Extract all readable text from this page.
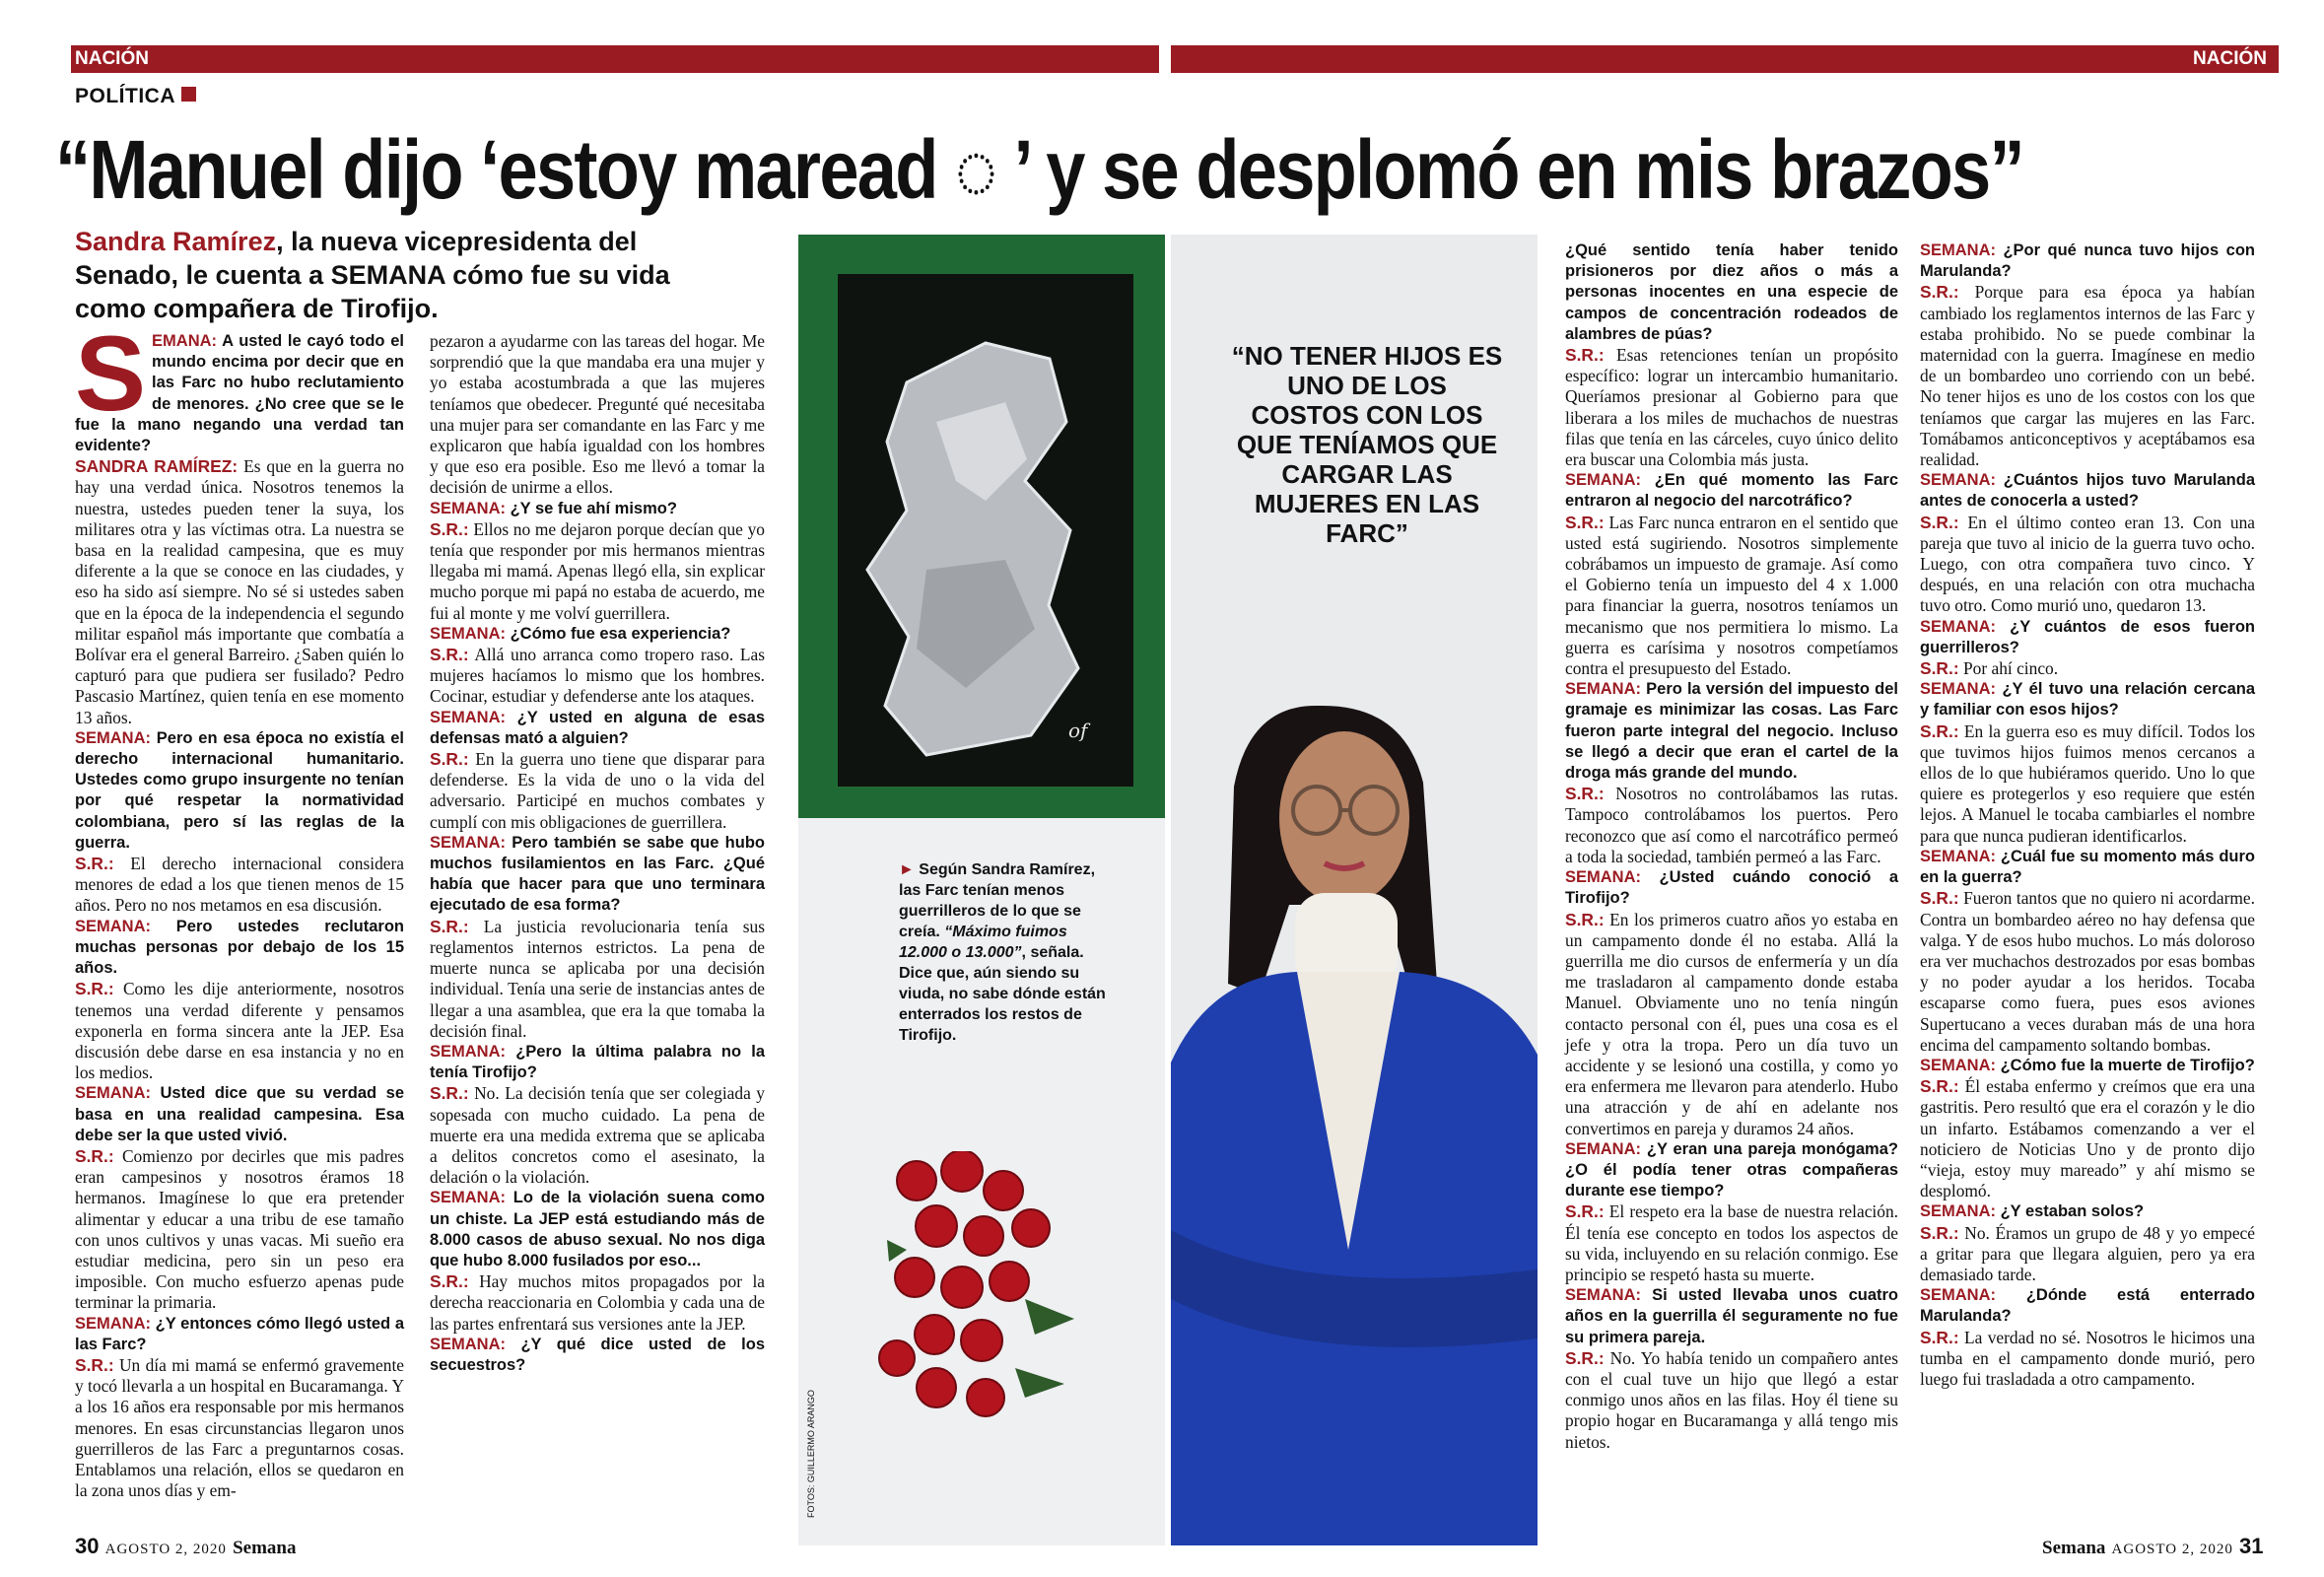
NACIÓN	NACIÓN
POLÍTICA
“Manuel dijo ‘estoy maread ◌ ’ y se desplomó en mis brazos”
Sandra Ramírez, la nueva vicepresidenta del Senado, le cuenta a SEMANA cómo fue su vida como compañera de Tirofijo.

SEMANA: A usted le cayó todo el mundo encima por decir que en las Farc no hubo reclutamiento de menores. ¿No cree que se le fue la mano negando una verdad tan evidente?

SANDRA RAMÍREZ: Es que en la guerra no hay una verdad única. Nosotros tenemos la nuestra, ustedes pueden tener la suya, los militares otra y las víctimas otra. La nuestra se basa en la realidad campesina, que es muy diferente a la que se conoce en las ciudades, y eso ha sido así siempre. No sé si ustedes saben que en la época de la independencia el segundo militar español más importante que combatía a Bolívar era el general Barreiro. ¿Saben quién lo capturó para que pudiera ser fusilado? Pedro Pascasio Martínez, quien tenía en ese momento 13 años.

SEMANA: Pero en esa época no existía el derecho internacional humanitario. Ustedes como grupo insurgente no tenían por qué respetar la normatividad colombiana, pero sí las reglas de la guerra.

S.R.: El derecho internacional considera menores de edad a los que tienen menos de 15 años. Pero no nos metamos en esa discusión.

SEMANA: Pero ustedes reclutaron muchas personas por debajo de los 15 años.

S.R.: Como les dije anteriormente, nosotros tenemos una verdad diferente y pensamos exponerla en forma sincera ante la JEP. Esa discusión debe darse en esa instancia y no en los medios.

SEMANA: Usted dice que su verdad se basa en una realidad campesina. Esa debe ser la que usted vivió.

S.R.: Comienzo por decirles que mis padres eran campesinos y nosotros éramos 18 hermanos. Imagínese lo que era pretender alimentar y educar a una tribu de ese tamaño con unos cultivos y unas vacas. Mi sueño era estudiar medicina, pero sin un peso era imposible. Con mucho esfuerzo apenas pude terminar la primaria.

SEMANA: ¿Y entonces cómo llegó usted a las Farc?

S.R.: Un día mi mamá se enfermó gravemente y tocó llevarla a un hospital en Bucaramanga. Y a los 16 años era responsable por mis hermanos menores. En esas circunstancias llegaron unos guerrilleros de las Farc a preguntarnos cosas. Entablamos una relación, ellos se quedaron en la zona unos días y em-

pezaron a ayudarme con las tareas del hogar. Me sorprendió que la que mandaba era una mujer y yo estaba acostumbrada a que las mujeres teníamos que obedecer. Pregunté qué necesitaba una mujer para ser comandante en las Farc y me explicaron que había igualdad con los hombres y que eso era posible. Eso me llevó a tomar la decisión de unirme a ellos.

SEMANA: ¿Y se fue ahí mismo?

S.R.: Ellos no me dejaron porque decían que yo tenía que responder por mis hermanos mientras llegaba mi mamá. Apenas llegó ella, sin explicar mucho porque mi papá no estaba de acuerdo, me fui al monte y me volví guerrillera.

SEMANA: ¿Cómo fue esa experiencia?

S.R.: Allá uno arranca como tropero raso. Las mujeres hacíamos lo mismo que los hombres. Cocinar, estudiar y defenderse ante los ataques.

SEMANA: ¿Y usted en alguna de esas defensas mató a alguien?

S.R.: En la guerra uno tiene que disparar para defenderse. Es la vida de uno o la vida del adversario. Participé en muchos combates y cumplí con mis obligaciones de guerrillera.

SEMANA: Pero también se sabe que hubo muchos fusilamientos en las Farc. ¿Qué había que hacer para que uno terminara ejecutado de esa forma?

S.R.: La justicia revolucionaria tenía sus reglamentos internos estrictos. La pena de muerte nunca se aplicaba por una decisión individual. Tenía una serie de instancias antes de llegar a una asamblea, que era la que tomaba la decisión final.

SEMANA: ¿Pero la última palabra no la tenía Tirofijo?

S.R.: No. La decisión tenía que ser colegiada y sopesada con mucho cuidado. La pena de muerte era una medida extrema que se aplicaba a delitos concretos como el asesinato, la delación o la violación.

SEMANA: Lo de la violación suena como un chiste. La JEP está estudiando más de 8.000 casos de abuso sexual. No nos diga que hubo 8.000 fusilados por eso...

S.R.: Hay muchos mitos propagados por la derecha reaccionaria en Colombia y cada una de las partes enfrentará sus versiones ante la JEP.

SEMANA: ¿Y qué dice usted de los secuestros?

¿Qué sentido tenía haber tenido prisioneros por diez años o más a personas inocentes en una especie de campos de concentración rodeados de alambres de púas?

S.R.: Esas retenciones tenían un propósito específico: lograr un intercambio humanitario. Queríamos presionar al Gobierno para que liberara a los miles de muchachos de nuestras filas que tenía en las cárceles, cuyo único delito era buscar una Colombia más justa.

SEMANA: ¿En qué momento las Farc entraron al negocio del narcotráfico?

S.R.: Las Farc nunca entraron en el sentido que usted está sugiriendo. Nosotros simplemente cobrábamos un impuesto de gramaje. Así como el Gobierno tenía un impuesto del 4 x 1.000 para financiar la guerra, nosotros teníamos un mecanismo que nos permitiera lo mismo. La guerra es carísima y nosotros competíamos contra el presupuesto del Estado.

SEMANA: Pero la versión del impuesto del gramaje es minimizar las cosas. Las Farc fueron parte integral del negocio. Incluso se llegó a decir que eran el cartel de la droga más grande del mundo.

S.R.: Nosotros no controlábamos las rutas. Tampoco controlábamos los puertos. Pero reconozco que así como el narcotráfico permeó a toda la sociedad, también permeó a las Farc.

SEMANA: ¿Usted cuándo conoció a Tirofijo?

S.R.: En los primeros cuatro años yo estaba en un campamento donde él no estaba. Allá la guerrilla me dio cursos de enfermería y un día me trasladaron al campamento donde estaba Manuel. Obviamente uno no tenía ningún contacto personal con él, pues una cosa es el jefe y otra la tropa. Pero un día tuvo un accidente y se lesionó una costilla, y como yo era enfermera me llevaron para atenderlo. Hubo una atracción y de ahí en adelante nos convertimos en pareja y duramos 24 años.

SEMANA: ¿Y eran una pareja monógama? ¿O él podía tener otras compañeras durante ese tiempo?

S.R.: El respeto era la base de nuestra relación. Él tenía ese concepto en todos los aspectos de su vida, incluyendo en su relación conmigo. Ese principio se respetó hasta su muerte.

SEMANA: Si usted llevaba unos cuatro años en la guerrilla él seguramente no fue su primera pareja.

S.R.: No. Yo había tenido un compañero antes con el cual tuve un hijo que llegó a estar conmigo unos años en las filas. Hoy él tiene su propio hogar en Bucaramanga y allá tengo mis nietos.

SEMANA: ¿Por qué nunca tuvo hijos con Marulanda?

S.R.: Porque para esa época ya habían cambiado los reglamentos internos de las Farc y estaba prohibido. No se puede combinar la maternidad con la guerra. Imagínese en medio de un bombardeo uno corriendo con un bebé. No tener hijos es uno de los costos con los que teníamos que cargar las mujeres en las Farc. Tomábamos anticonceptivos y aceptábamos esa realidad.

SEMANA: ¿Cuántos hijos tuvo Marulanda antes de conocerla a usted?

S.R.: En el último conteo eran 13. Con una pareja que tuvo al inicio de la guerra tuvo ocho. Luego, con otra compañera tuvo cinco. Y después, en una relación con otra muchacha tuvo otro. Como murió uno, quedaron 13.

SEMANA: ¿Y cuántos de esos fueron guerrilleros?

S.R.: Por ahí cinco.

SEMANA: ¿Y él tuvo una relación cercana y familiar con esos hijos?

S.R.: En la guerra eso es muy difícil. Todos los que tuvimos hijos fuimos menos cercanos a ellos de lo que hubiéramos querido. Uno lo que quiere es protegerlos y eso requiere que estén lejos. A Manuel le tocaba cambiarles el nombre para que nunca pudieran identificarlos.

SEMANA: ¿Cuál fue su momento más duro en la guerra?

S.R.: Fueron tantos que no quiero ni acordarme. Contra un bombardeo aéreo no hay defensa que valga. Y de esos hubo muchos. Lo más doloroso era ver muchachos destrozados por esas bombas y no poder ayudar a los heridos. Tocaba escaparse como fuera, pues esos aviones Supertucano a veces duraban más de una hora encima del campamento soltando bombas.

SEMANA: ¿Cómo fue la muerte de Tirofijo?

S.R.: Él estaba enfermo y creímos que era una gastritis. Pero resultó que era el corazón y le dio un infarto. Estábamos comenzando a ver el noticiero de Noticias Uno y de pronto dijo “vieja, estoy muy mareado” y ahí mismo se desplomó.

SEMANA: ¿Y estaban solos?

S.R.: No. Éramos un grupo de 48 y yo empecé a gritar para que llegara alguien, pero ya era demasiado tarde.

SEMANA: ¿Dónde está enterrado Marulanda?

S.R.: La verdad no sé. Nosotros le hicimos una tumba en el campamento donde murió, pero luego fui trasladada a otro campamento.

of
“NO TENER HIJOS ES UNO DE LOS COSTOS CON LOS QUE TENÍAMOS QUE CARGAR LAS MUJERES EN LAS FARC”
► Según Sandra Ramírez, las Farc tenían menos guerrilleros de lo que se creía. “Máximo fuimos 12.000 o 13.000”, señala. Dice que, aún siendo su viuda, no sabe dónde están enterrados los restos de Tirofijo.
FOTOS: GUILLERMO ARANGO
30 AGOSTO 2, 2020 Semana	Semana AGOSTO 2, 2020 31
